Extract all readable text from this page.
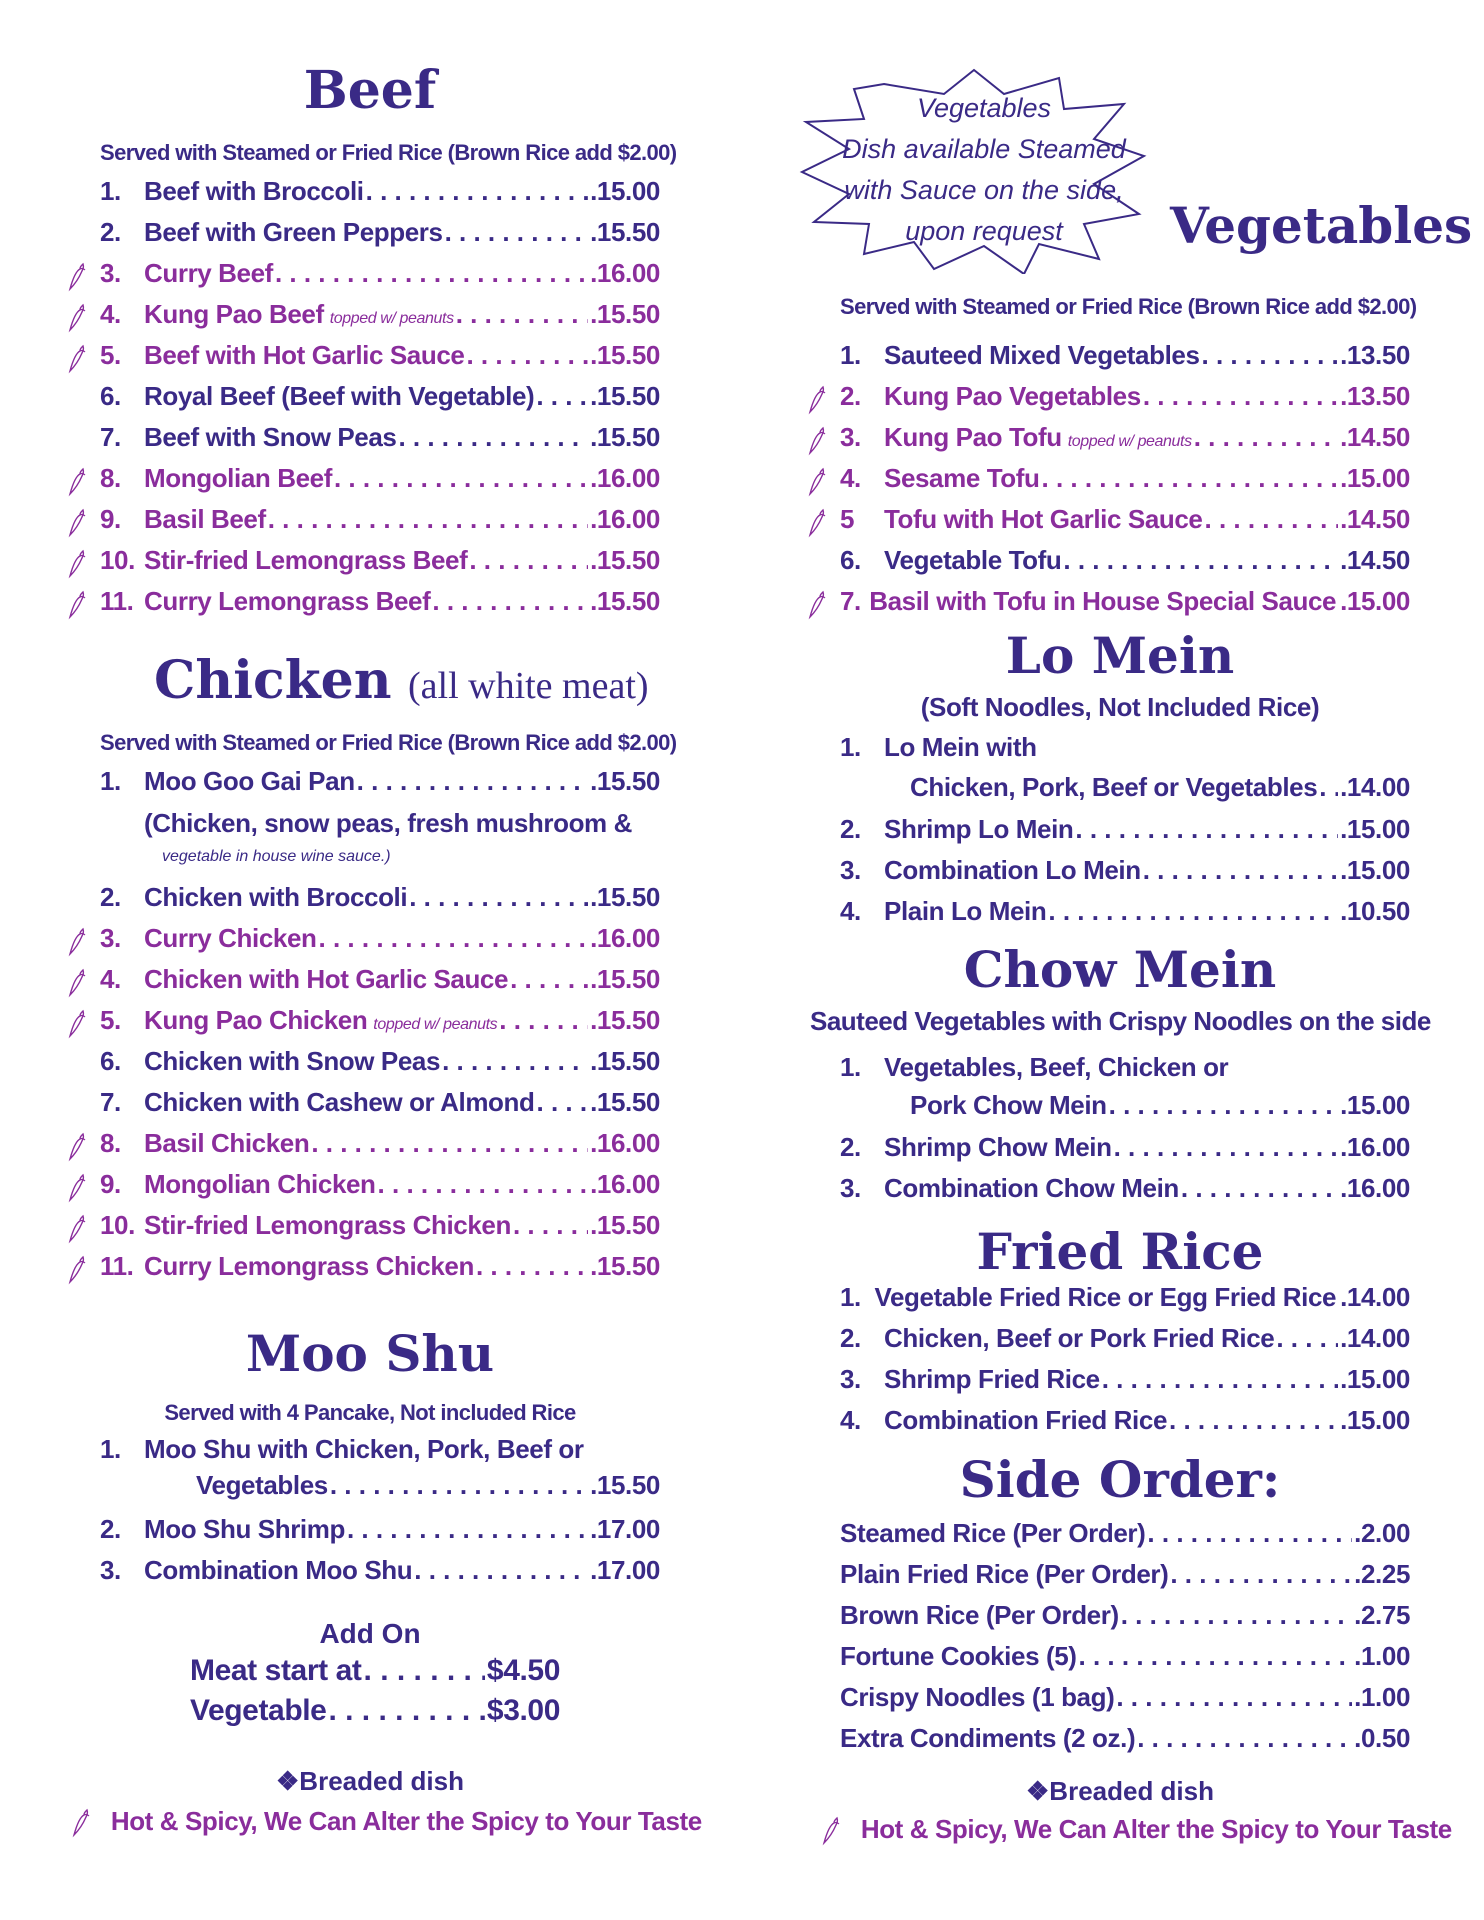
Beef
Served with Steamed or Fried Rice (Brown Rice add $2.00)
1. Beef with Broccoli . . .	.15.00
2. Beef with Green Peppers . . .	.15.50
3. Curry Beef . . .	.16.00
4. Kung Pao Beef topped w/ peanuts . . .	.15.50
5. Beef with Hot Garlic Sauce . . .	.15.50
6. Royal Beef (Beef with Vegetable) . . . .15.50
7. Beef with Snow Peas . . .	.15.50
8. Mongolian Beef . . .	.16.00
9. Basil Beef . . .	.16.00
10. Stir-fried Lemongrass Beef . . .	.15.50
11. Curry Lemongrass Beef . . .	.15.50
Chicken (all white meat)
Served with Steamed or Fried Rice (Brown Rice add $2.00)
1. Moo Goo Gai Pan . . .	.15.50
(Chicken, snow peas, fresh mushroom &
vegetable in house wine sauce.)
2. Chicken with Broccoli . . .	.15.50
3. Curry Chicken . . .	.16.00
4. Chicken with Hot Garlic Sauce . . .	.15.50
5. Kung Pao Chicken topped w/ peanuts . . .	.15.50
6. Chicken with Snow Peas . . .	.15.50
7. Chicken with Cashew or Almond . . . .15.50
8. Basil Chicken . . .	.16.00
9. Mongolian Chicken . . .	.16.00
10. Stir-fried Lemongrass Chicken . . .	.15.50
11. Curry Lemongrass Chicken . . .	.15.50
Moo Shu
Served with 4 Pancake, Not included Rice
1. Moo Shu with Chicken, Pork, Beef or
Vegetables . . .	.15.50
2. Moo Shu Shrimp . . .	.17.00
3. Combination Moo Shu . . .	.17.00
Add On
Meat start at . . .	$4.50
Vegetable . . .	$3.00
❖Breaded dish
Hot & Spicy, We Can Alter the Spicy to Your Taste
Vegetables
Dish available Steamed
with Sauce on the side,
upon request	Vegetables
Served with Steamed or Fried Rice (Brown Rice add $2.00)
1. Sauteed Mixed Vegetables . . .	.13.50
2. Kung Pao Vegetables . . .	.13.50
3. Kung Pao Tofu topped w/ peanuts . . .	.14.50
4. Sesame Tofu . . .	.15.00
5	Tofu with Hot Garlic Sauce . . .	.14.50
6. Vegetable Tofu . . .	.14.50
7. Basil with Tofu in House Special Sauce .15.00
Lo Mein
(Soft Noodles, Not Included Rice)
1. Lo Mein with
Chicken, Pork, Beef or Vegetables . . . .14.00
2. Shrimp Lo Mein . . .	.15.00
3. Combination Lo Mein . . .	.15.00
4. Plain Lo Mein . . .	.10.50
Chow Mein
Sauteed Vegetables with Crispy Noodles on the side
1. Vegetables, Beef, Chicken or
Pork Chow Mein . . .	.15.00
2. Shrimp Chow Mein . . .	.16.00
3. Combination Chow Mein . . .	.16.00
Fried Rice
1. Vegetable Fried Rice or Egg Fried Rice .14.00
2. Chicken, Beef or Pork Fried Rice . . .	.14.00
3. Shrimp Fried Rice . . .	.15.00
4. Combination Fried Rice . . .	.15.00
Side Order:
Steamed Rice (Per Order) . . .	.2.00
Plain Fried Rice (Per Order) . . .	.2.25
Brown Rice (Per Order) . . .	.2.75
Fortune Cookies (5) . . .	.1.00
Crispy Noodles (1 bag) . . .	.1.00
Extra Condiments (2 oz.) . . .	.0.50
❖Breaded dish
Hot & Spicy, We Can Alter the Spicy to Your Taste
